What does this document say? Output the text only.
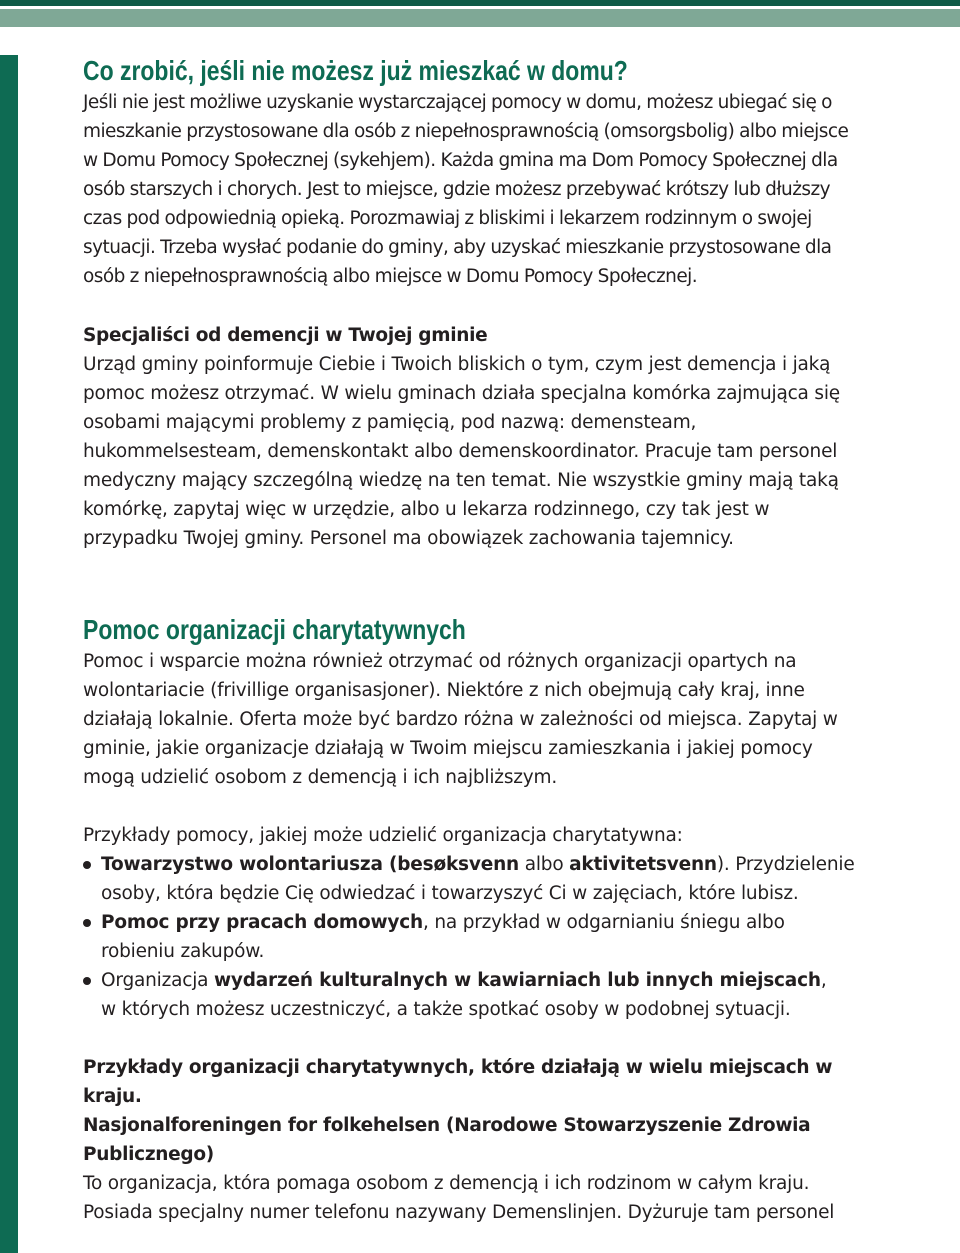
Co zrobić, jeśli nie możesz już mieszkać w domu?
Jeśli nie jest możliwe uzyskanie wystarczającej pomocy w domu, możesz ubiegać się o
mieszkanie przystosowane dla osób z niepełnosprawnością (omsorgsbolig) albo miejsce
w Domu Pomocy Społecznej (sykehjem). Każda gmina ma Dom Pomocy Społecznej dla
osób starszych i chorych. Jest to miejsce, gdzie możesz przebywać krótszy lub dłuższy
czas pod odpowiednią opieką. Porozmawiaj z bliskimi i lekarzem rodzinnym o swojej
sytuacji. Trzeba wysłać podanie do gminy, aby uzyskać mieszkanie przystosowane dla
osób z niepełnosprawnością albo miejsce w Domu Pomocy Społecznej.
Specjaliści od demencji w Twojej gminie
Urząd gminy poinformuje Ciebie i Twoich bliskich o tym, czym jest demencja i jaką
pomoc możesz otrzymać. W wielu gminach działa specjalna komórka zajmująca się
osobami mającymi problemy z pamięcią, pod nazwą: demensteam,
hukommelsesteam, demenskontakt albo demenskoordinator. Pracuje tam personel
medyczny mający szczególną wiedzę na ten temat. Nie wszystkie gminy mają taką
komórkę, zapytaj więc w urzędzie, albo u lekarza rodzinnego, czy tak jest w
przypadku Twojej gminy. Personel ma obowiązek zachowania tajemnicy.
Pomoc organizacji charytatywnych
Pomoc i wsparcie można również otrzymać od różnych organizacji opartych na
wolontariacie (frivillige organisasjoner). Niektóre z nich obejmują cały kraj, inne
działają lokalnie. Oferta może być bardzo różna w zależności od miejsca. Zapytaj w
gminie, jakie organizacje działają w Twoim miejscu zamieszkania i jakiej pomocy
mogą udzielić osobom z demencją i ich najbliższym.
Przykłady pomocy, jakiej może udzielić organizacja charytatywna:
Towarzystwo wolontariusza (besøksvenn albo aktivitetsvenn). Przydzielenie
osoby, która będzie Cię odwiedzać i towarzyszyć Ci w zajęciach, które lubisz.
Pomoc przy pracach domowych, na przykład w odgarnianiu śniegu albo
robieniu zakupów.
Organizacja wydarzeń kulturalnych w kawiarniach lub innych miejscach,
w których możesz uczestniczyć, a także spotkać osoby w podobnej sytuacji.
Przykłady organizacji charytatywnych, które działają w wielu miejscach w kraju.
Nasjonalforeningen for folkehelsen (Narodowe Stowarzyszenie Zdrowia
Publicznego)
To organizacja, która pomaga osobom z demencją i ich rodzinom w całym kraju.
Posiada specjalny numer telefonu nazywany Demenslinjen. Dyżuruje tam personel
